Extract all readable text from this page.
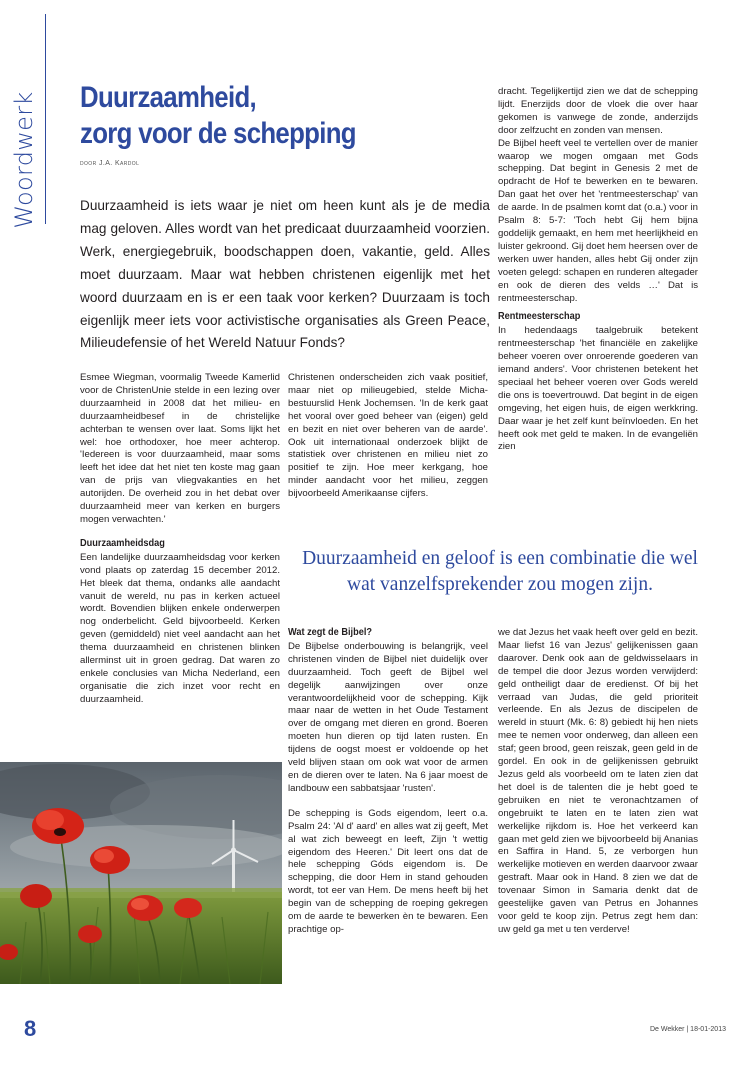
Woordwerk Duurzaamheid,
zorg voor de schepping
door J.A. Kardol
Duurzaamheid is iets waar je niet om heen kunt als je de media mag geloven. Alles wordt van het predicaat duurzaamheid voorzien. Werk, energiegebruik, boodschappen doen, vakantie, geld. Alles moet duurzaam. Maar wat hebben christenen eigenlijk met het woord duurzaam en is er een taak voor kerken? Duurzaam is toch eigenlijk meer iets voor activistische organisaties als Green Peace, Milieudefensie of het Wereld Natuur Fonds?

Esmee Wiegman, voormalig Tweede Kamerlid voor de ChristenUnie stelde in een lezing over duurzaamheid in 2008 dat het milieu- en duurzaamheidbesef in de christelijke achterban te wensen over laat. Soms lijkt het wel: hoe orthodoxer, hoe meer achterop. 'Iedereen is voor duurzaamheid, maar soms leeft het idee dat het niet ten koste mag gaan van de prijs van vliegvakanties en het autorijden. De overheid zou in het debat over duurzaamheid meer van kerken en burgers mogen verwachten.'

Duurzaamheidsdag

Een landelijke duurzaamheidsdag voor kerken vond plaats op zaterdag 15 december 2012. Het bleek dat thema, ondanks alle aandacht vanuit de wereld, nu pas in kerken actueel wordt. Bovendien blijken enkele onderwerpen nog onderbelicht. Geld bijvoorbeeld. Kerken geven (gemiddeld) niet veel aandacht aan het thema duurzaamheid en christenen blinken allerminst uit in groen gedrag. Dat waren zo enkele conclusies van Micha Nederland, een organisatie die zich inzet voor recht en duurzaamheid.

Christenen onderscheiden zich vaak positief, maar niet op milieugebied, stelde Micha-bestuurslid Henk Jochemsen. 'In de kerk gaat het vooral over goed beheer van (eigen) geld en bezit en niet over beheren van de aarde'. Ook uit internationaal onderzoek blijkt de statistiek over christenen en milieu niet zo positief te zijn. Hoe meer kerkgang, hoe minder aandacht voor het milieu, zeggen bijvoorbeeld Amerikaanse cijfers.

dracht. Tegelijkertijd zien we dat de schepping lijdt. Enerzijds door de vloek die over haar gekomen is vanwege de zonde, anderzijds door zelfzucht en zonden van mensen.

De Bijbel heeft veel te vertellen over de manier waarop we mogen omgaan met Gods schepping. Dat begint in Genesis 2 met de opdracht de Hof te bewerken en te bewaren. Dan gaat het over het 'rentmeesterschap' van de aarde. In de psalmen komt dat (o.a.) voor in Psalm 8: 5-7: 'Toch hebt Gij hem bijna goddelijk gemaakt, en hem met heerlijkheid en luister gekroond. Gij doet hem heersen over de werken uwer handen, alles hebt Gij onder zijn voeten gelegd: schapen en runderen altegader en ook de dieren des velds …' Dat is rentmeesterschap.

Rentmeesterschap

In hedendaags taalgebruik betekent rentmeesterschap 'het financiële en zakelijke beheer voeren over onroerende goederen van iemand anders'. Voor christenen betekent het speciaal het beheer voeren over Gods wereld die ons is toevertrouwd. Dat begint in de eigen omgeving, het eigen huis, de eigen werkkring. Daar waar je het zelf kunt beïnvloeden. En het heeft ook met geld te maken. In de evangeliën zien

Duurzaamheid en geloof is een combinatie die wel wat vanzelfsprekender zou mogen zijn.
Wat zegt de Bijbel?

De Bijbelse onderbouwing is belangrijk, veel christenen vinden de Bijbel niet duidelijk over duurzaamheid. Toch geeft de Bijbel wel degelijk aanwijzingen over onze verantwoordelijkheid voor de schepping. Kijk maar naar de wetten in het Oude Testament over de omgang met dieren en grond. Boeren moeten hun dieren op tijd laten rusten. En tijdens de oogst moest er voldoende op het veld blijven staan om ook wat voor de armen en de dieren over te laten. Na 6 jaar moest de landbouw een sabbatsjaar 'rusten'.

De schepping is Gods eigendom, leert o.a. Psalm 24: 'Al d' aard' en alles wat zij geeft, Met al wat zich beweegt en leeft, Zijn 't wettig eigendom des Heeren.' Dit leert ons dat de hele schepping Góds eigendom is. De schepping, die door Hem in stand gehouden wordt, tot eer van Hem. De mens heeft bij het begin van de schepping de roeping gekregen om de aarde te bewerken èn te bewaren. Een prachtige op-

we dat Jezus het vaak heeft over geld en bezit. Maar liefst 16 van Jezus' gelijkenissen gaan daarover. Denk ook aan de geldwisselaars in de tempel die door Jezus worden verwijderd: geld ontheiligt daar de eredienst. Of bij het verraad van Judas, die geld prioriteit verleende. En als Jezus de discipelen de wereld in stuurt (Mk. 6: 8) gebiedt hij hen niets mee te nemen voor onderweg, dan alleen een staf; geen brood, geen reiszak, geen geld in de gordel. En ook in de gelijkenissen gebruikt Jezus geld als voorbeeld om te laten zien dat het doel is de talenten die je hebt goed te gebruiken en niet te veronachtzamen of ongebruikt te laten en te laten zien wat werkelijke rijkdom is. Hoe het verkeerd kan gaan met geld zien we bijvoorbeeld bij Ananias en Saffira in Hand. 5, ze verborgen hun werkelijke motieven en werden daarvoor zwaar gestraft. Maar ook in Hand. 8 zien we dat de tovenaar Simon in Samaria denkt dat de geestelijke gaven van Petrus en Johannes voor geld te koop zijn. Petrus zegt hem dan: uw geld ga met u ten verderve!

8	De Wekker | 18-01-2013
